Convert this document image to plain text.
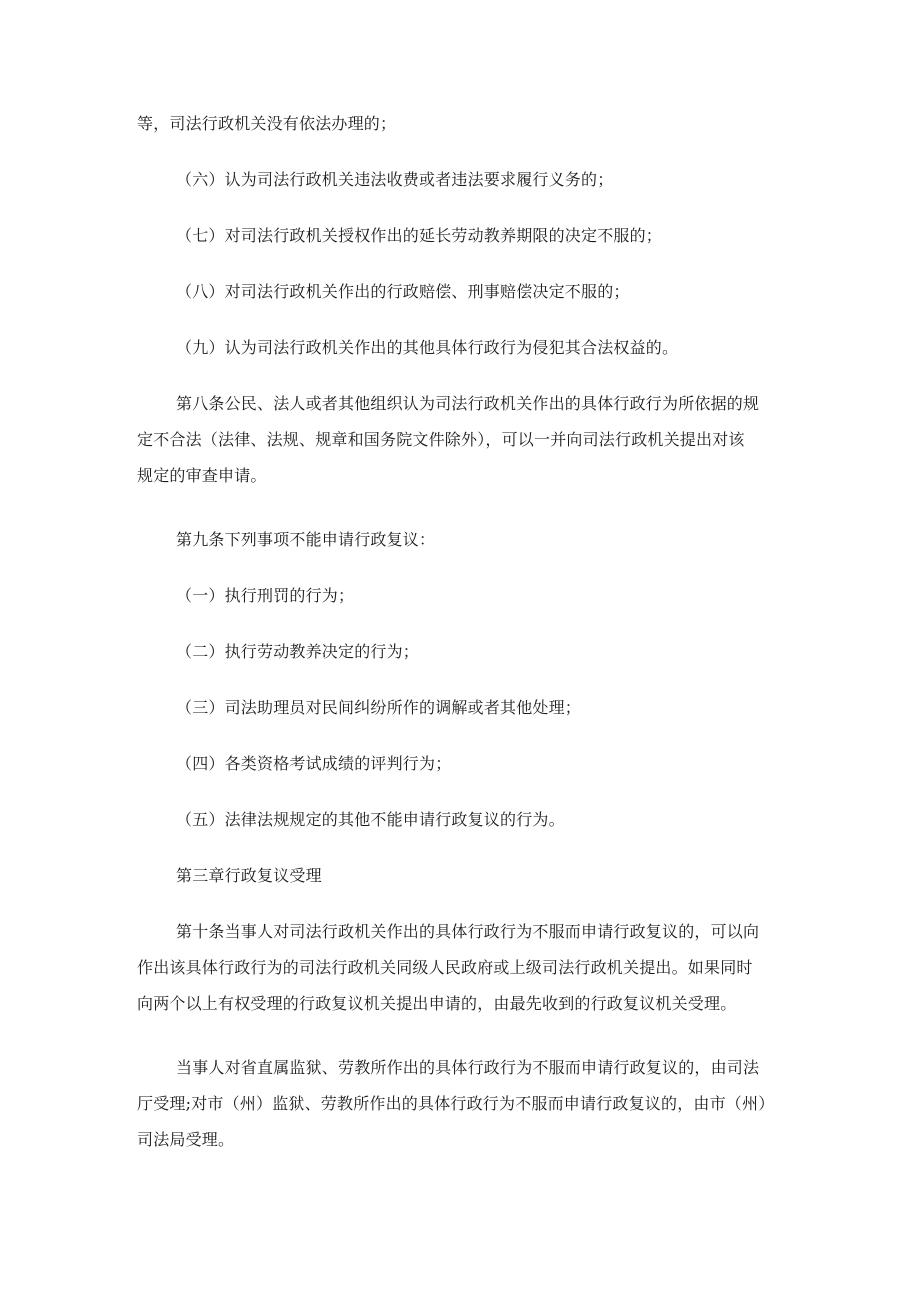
等，司法行政机关没有依法办理的；

（六）认为司法行政机关违法收费或者违法要求履行义务的；

（七）对司法行政机关授权作出的延长劳动教养期限的决定不服的；

（八）对司法行政机关作出的行政赔偿、刑事赔偿决定不服的；

（九）认为司法行政机关作出的其他具体行政行为侵犯其合法权益的。

第八条公民、法人或者其他组织认为司法行政机关作出的具体行政行为所依据的规
定不合法（法律、法规、规章和国务院文件除外），可以一并向司法行政机关提出对该
规定的审查申请。

第九条下列事项不能申请行政复议：

（一）执行刑罚的行为；

（二）执行劳动教养决定的行为；

（三）司法助理员对民间纠纷所作的调解或者其他处理；

（四）各类资格考试成绩的评判行为；

（五）法律法规规定的其他不能申请行政复议的行为。

第三章行政复议受理

第十条当事人对司法行政机关作出的具体行政行为不服而申请行政复议的，可以向
作出该具体行政行为的司法行政机关同级人民政府或上级司法行政机关提出。如果同时
向两个以上有权受理的行政复议机关提出申请的，由最先收到的行政复议机关受理。
当事人对省直属监狱、劳教所作出的具体行政行为不服而申请行政复议的，由司法
厅受理;对市（州）监狱、劳教所作出的具体行政行为不服而申请行政复议的，由市（州）
司法局受理。
